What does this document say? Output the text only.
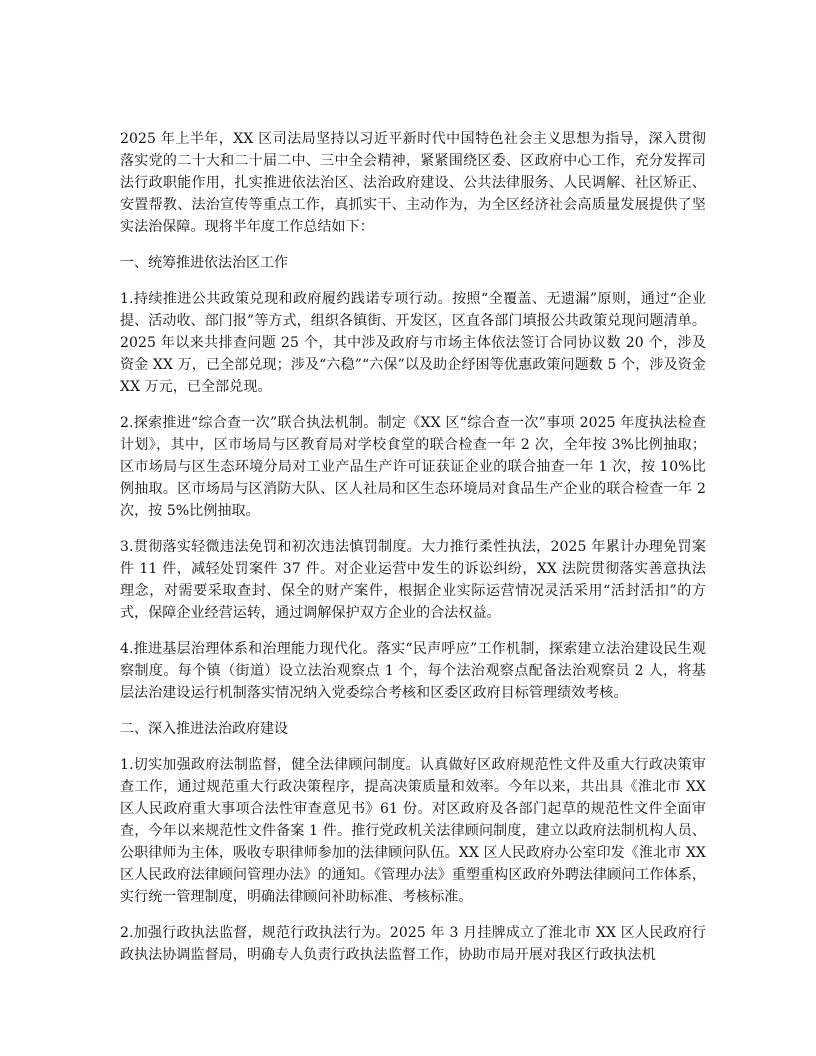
2025 年上半年，XX 区司法局坚持以习近平新时代中国特色社会主义思想为指导，深入贯彻落实党的二十大和二十届二中、三中全会精神，紧紧围绕区委、区政府中心工作，充分发挥司法行政职能作用，扎实推进依法治区、法治政府建设、公共法律服务、人民调解、社区矫正、安置帮教、法治宣传等重点工作，真抓实干、主动作为，为全区经济社会高质量发展提供了坚实法治保障。现将半年度工作总结如下：

一、统筹推进依法治区工作

1.持续推进公共政策兑现和政府履约践诺专项行动。按照“全覆盖、无遗漏”原则，通过“企业提、活动收、部门报”等方式，组织各镇街、开发区，区直各部门填报公共政策兑现问题清单。2025 年以来共排查问题 25 个，其中涉及政府与市场主体依法签订合同协议数 20 个，涉及资金 XX 万，已全部兑现；涉及“六稳”“六保”以及助企纾困等优惠政策问题数 5 个，涉及资金 XX 万元，已全部兑现。

2.探索推进“综合查一次”联合执法机制。制定《XX 区“综合查一次”事项 2025 年度执法检查计划》，其中，区市场局与区教育局对学校食堂的联合检查一年 2 次，全年按 3%比例抽取；区市场局与区生态环境分局对工业产品生产许可证获证企业的联合抽查一年 1 次，按 10%比例抽取。区市场局与区消防大队、区人社局和区生态环境局对食品生产企业的联合检查一年 2 次，按 5%比例抽取。

3.贯彻落实轻微违法免罚和初次违法慎罚制度。大力推行柔性执法，2025 年累计办理免罚案件 11 件，减轻处罚案件 37 件。对企业运营中发生的诉讼纠纷，XX 法院贯彻落实善意执法理念，对需要采取查封、保全的财产案件，根据企业实际运营情况灵活采用“活封活扣”的方式，保障企业经营运转，通过调解保护双方企业的合法权益。

4.推进基层治理体系和治理能力现代化。落实“民声呼应”工作机制，探索建立法治建设民生观察制度。每个镇（街道）设立法治观察点 1 个，每个法治观察点配备法治观察员 2 人，将基层法治建设运行机制落实情况纳入党委综合考核和区委区政府目标管理绩效考核。

二、深入推进法治政府建设

1.切实加强政府法制监督，健全法律顾问制度。认真做好区政府规范性文件及重大行政决策审查工作，通过规范重大行政决策程序，提高决策质量和效率。今年以来，共出具《淮北市 XX 区人民政府重大事项合法性审查意见书》61 份。对区政府及各部门起草的规范性文件全面审查，今年以来规范性文件备案 1 件。推行党政机关法律顾问制度，建立以政府法制机构人员、公职律师为主体，吸收专职律师参加的法律顾问队伍。XX 区人民政府办公室印发《淮北市 XX 区人民政府法律顾问管理办法》的通知。《管理办法》重塑重构区政府外聘法律顾问工作体系，实行统一管理制度，明确法律顾问补助标准、考核标准。

2.加强行政执法监督，规范行政执法行为。2025 年 3 月挂牌成立了淮北市 XX 区人民政府行政执法协调监督局，明确专人负责行政执法监督工作，协助市局开展对我区行政执法机
